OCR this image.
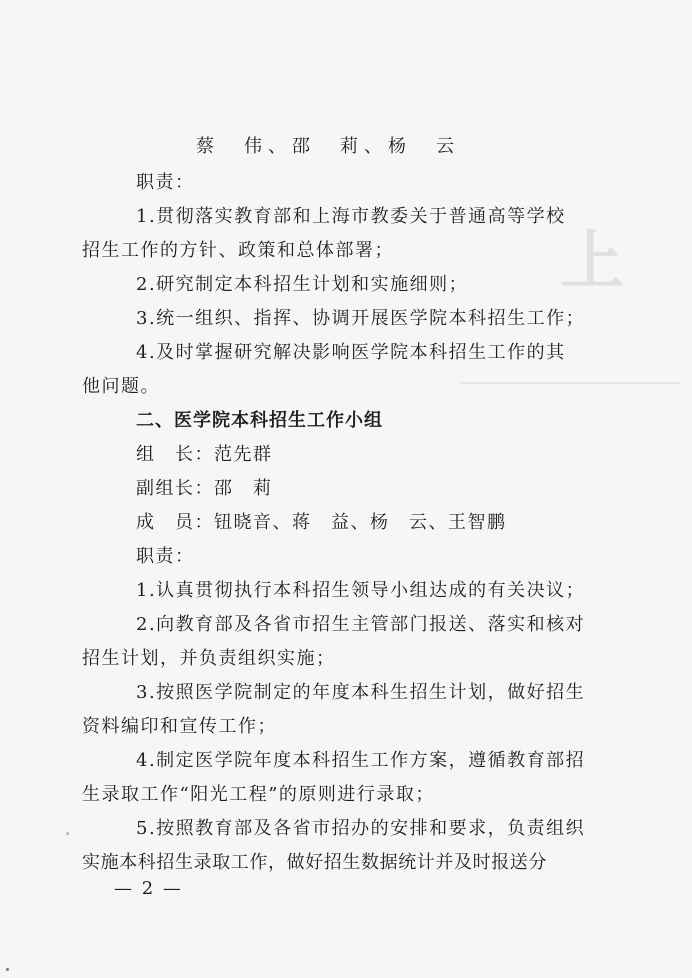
上
蔡　伟、邵　莉、杨　云
职责：
1.贯彻落实教育部和上海市教委关于普通高等学校
招生工作的方针、政策和总体部署；
2.研究制定本科招生计划和实施细则；
3.统一组织、指挥、协调开展医学院本科招生工作；
4.及时掌握研究解决影响医学院本科招生工作的其
他问题。
二、医学院本科招生工作小组
组　长：范先群
副组长：邵　莉
成　员：钮晓音、蒋　益、杨　云、王智鹏
职责：
1.认真贯彻执行本科招生领导小组达成的有关决议；
2.向教育部及各省市招生主管部门报送、落实和核对
招生计划，并负责组织实施；
3.按照医学院制定的年度本科生招生计划，做好招生
资料编印和宣传工作；
4.制定医学院年度本科招生工作方案，遵循教育部招
生录取工作“阳光工程”的原则进行录取；
5.按照教育部及各省市招办的安排和要求，负责组织
实施本科招生录取工作，做好招生数据统计并及时报送分
— 2 —
